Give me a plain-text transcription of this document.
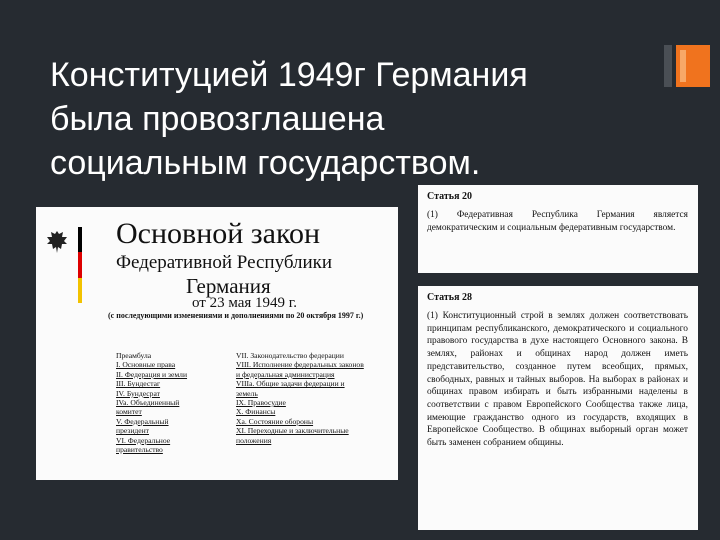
Конституцией 1949г Германия
была провозглашена
социальным государством.
Основной закон
Федеративной Республики
Германия
от 23 мая 1949 г.
(с последующими изменениями и дополнениями по 20 октября 1997 г.)
Преамбула
I. Основные права
II. Федерация и земли
III. Бундестаг
IV. Бундесрат
IVa. Объединенный
комитет
V. Федеральный
президент
VI. Федеральное
правительство
VII. Законодательство федерации
VIII. Исполнение федеральных законов
и федеральная администрация
VIIIa. Общие задачи федерации и
земель
IX. Правосудие
X. Финансы
Xa. Состояние обороны
XI. Переходные и заключительные
положения
Статья 20
(1) Федеративная Республика Германия является демократическим и социальным федеративным государством.
Статья 28
(1) Конституционный строй в землях должен соответствовать принципам республиканского, демократического и социального правового государства в духе настоящего Основного закона. В землях, районах и общинах народ должен иметь представительство, созданное путем всеобщих, прямых, свободных, равных и тайных выборов. На выборах в районах и общинах правом избирать и быть избранными наделены в соответствии с правом Европейского Сообщества также лица, имеющие гражданство одного из государств, входящих в Европейское Сообщество. В общинах выборный орган может быть заменен собранием общины.
